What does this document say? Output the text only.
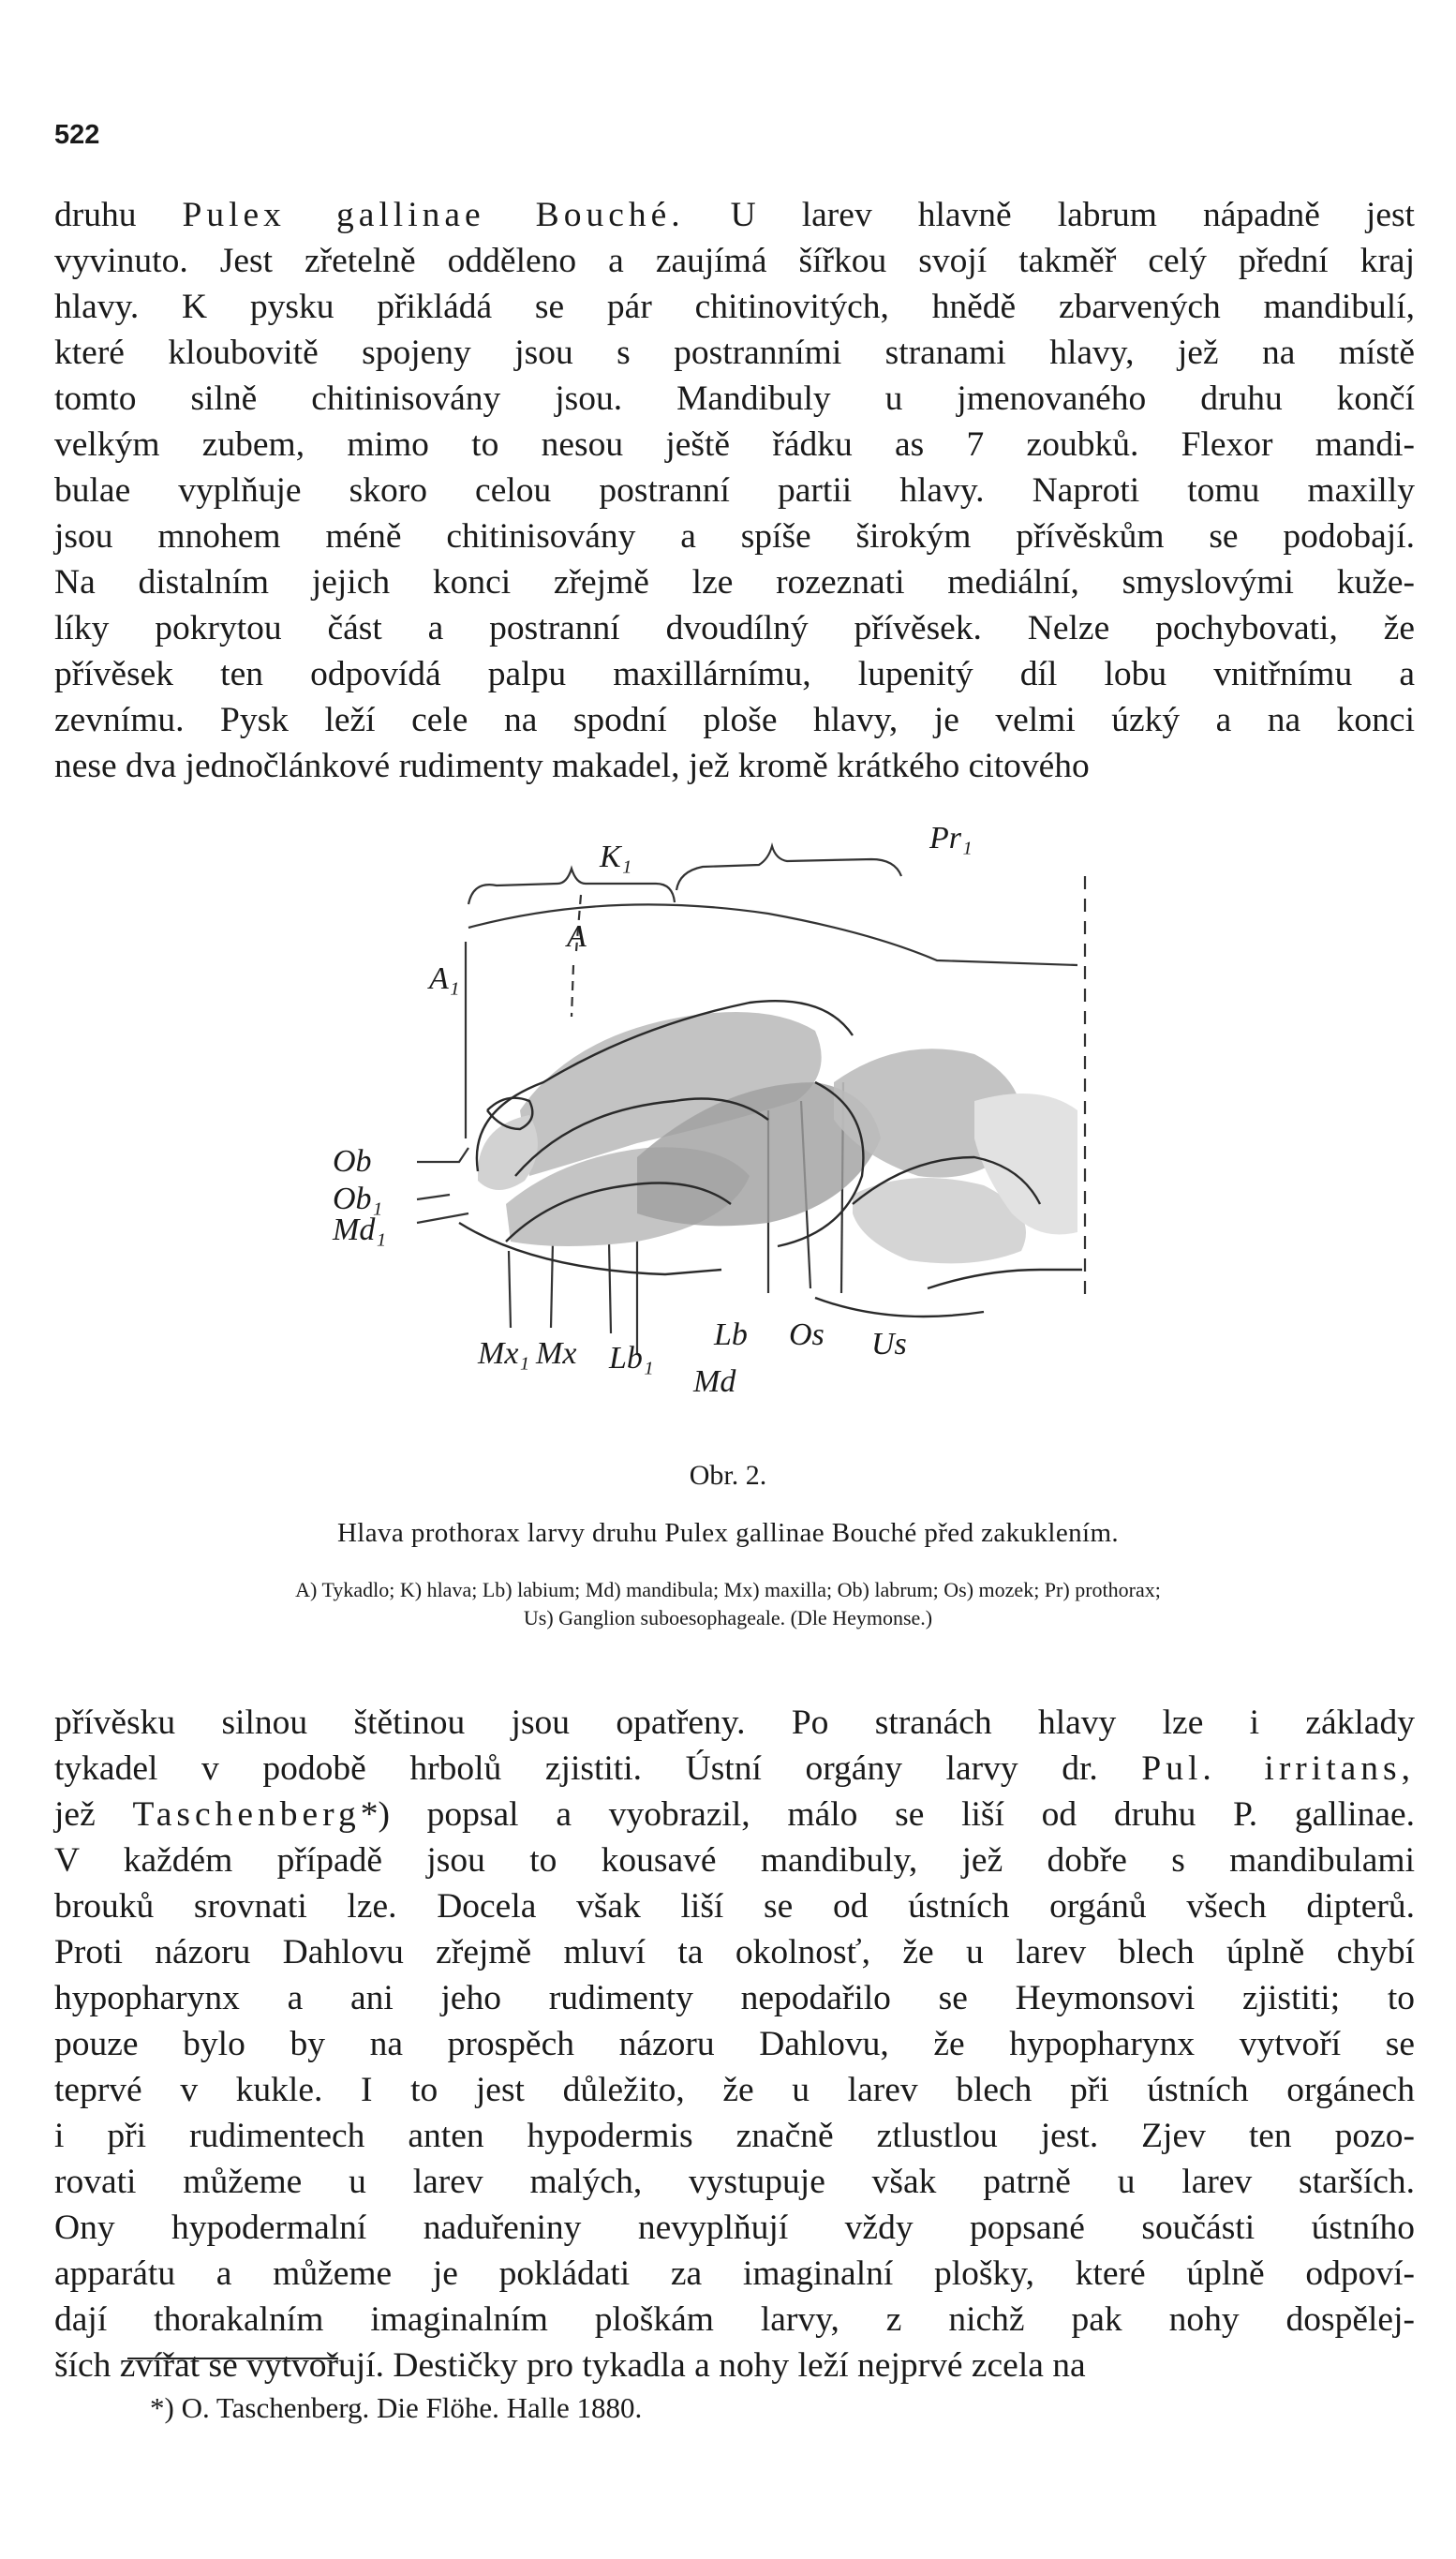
522
druhu Pulex gallinae Bouché. U larev hlavně labrum nápadně jest
vyvinuto. Jest zřetelně odděleno a zaujímá šířkou svojí takměř celý přední kraj
hlavy. K pysku přikládá se pár chitinovitých, hnědě zbarvených mandibulí,
které kloubovitě spojeny jsou s postranními stranami hlavy, jež na místě
tomto silně chitinisovány jsou. Mandibuly u jmenovaného druhu končí
velkým zubem, mimo to nesou ještě řádku as 7 zoubků. Flexor mandi-
bulae vyplňuje skoro celou postranní partii hlavy. Naproti tomu maxilly
jsou mnohem méně chitinisovány a spíše širokým přívěskům se podobají.
Na distalním jejich konci zřejmě lze rozeznati mediální, smyslovými kuže-
líky pokrytou část a postranní dvoudílný přívěsek. Nelze pochybovati, že
přívěsek ten odpovídá palpu maxillárnímu, lupenitý díl lobu vnitřnímu a
zevnímu. Pysk leží cele na spodní ploše hlavy, je velmi úzký a na konci
nese dva jednočlánkové rudimenty makadel, jež kromě krátkého citového
K₁
Pr₁
A
A₁
Ob
Ob₁
Md₁
Mx₁ Mx Lb₁
Lb
Md
Os Us
Obr. 2.
Hlava prothorax larvy druhu Pulex gallinae Bouché před zakuklením.
A) Tykadlo; K) hlava; Lb) labium; Md) mandibula; Mx) maxilla; Ob) labrum; Os) mozek; Pr) prothorax;
Us) Ganglion suboesophageale. (Dle Heymonse.)
přívěsku silnou štětinou jsou opatřeny. Po stranách hlavy lze i základy
tykadel v podobě hrbolů zjistiti. Ústní orgány larvy dr. Pul. irritans,
jež Taschenberg*) popsal a vyobrazil, málo se liší od druhu P. gallinae.
V každém případě jsou to kousavé mandibuly, jež dobře s mandibulami
brouků srovnati lze. Docela však liší se od ústních orgánů všech dipterů.
Proti názoru Dahlovu zřejmě mluví ta okolnosť, že u larev blech úplně chybí
hypopharynx a ani jeho rudimenty nepodařilo se Heymonsovi zjistiti; to
pouze bylo by na prospěch názoru Dahlovu, že hypopharynx vytvoří se
teprvé v kukle. I to jest důležito, že u larev blech při ústních orgánech
i při rudimentech anten hypodermis značně ztlustlou jest. Zjev ten pozo-
rovati můžeme u larev malých, vystupuje však patrně u larev starších.
Ony hypodermalní naduřeniny nevyplňují vždy popsané součásti ústního
apparátu a můžeme je pokládati za imaginalní plošky, které úplně odpoví-
dají thorakalním imaginalním ploškám larvy, z nichž pak nohy dospělej-
ších zvířat se vytvořují. Destičky pro tykadla a nohy leží nejprvé zcela na
*) O. Taschenberg. Die Flöhe. Halle 1880.
